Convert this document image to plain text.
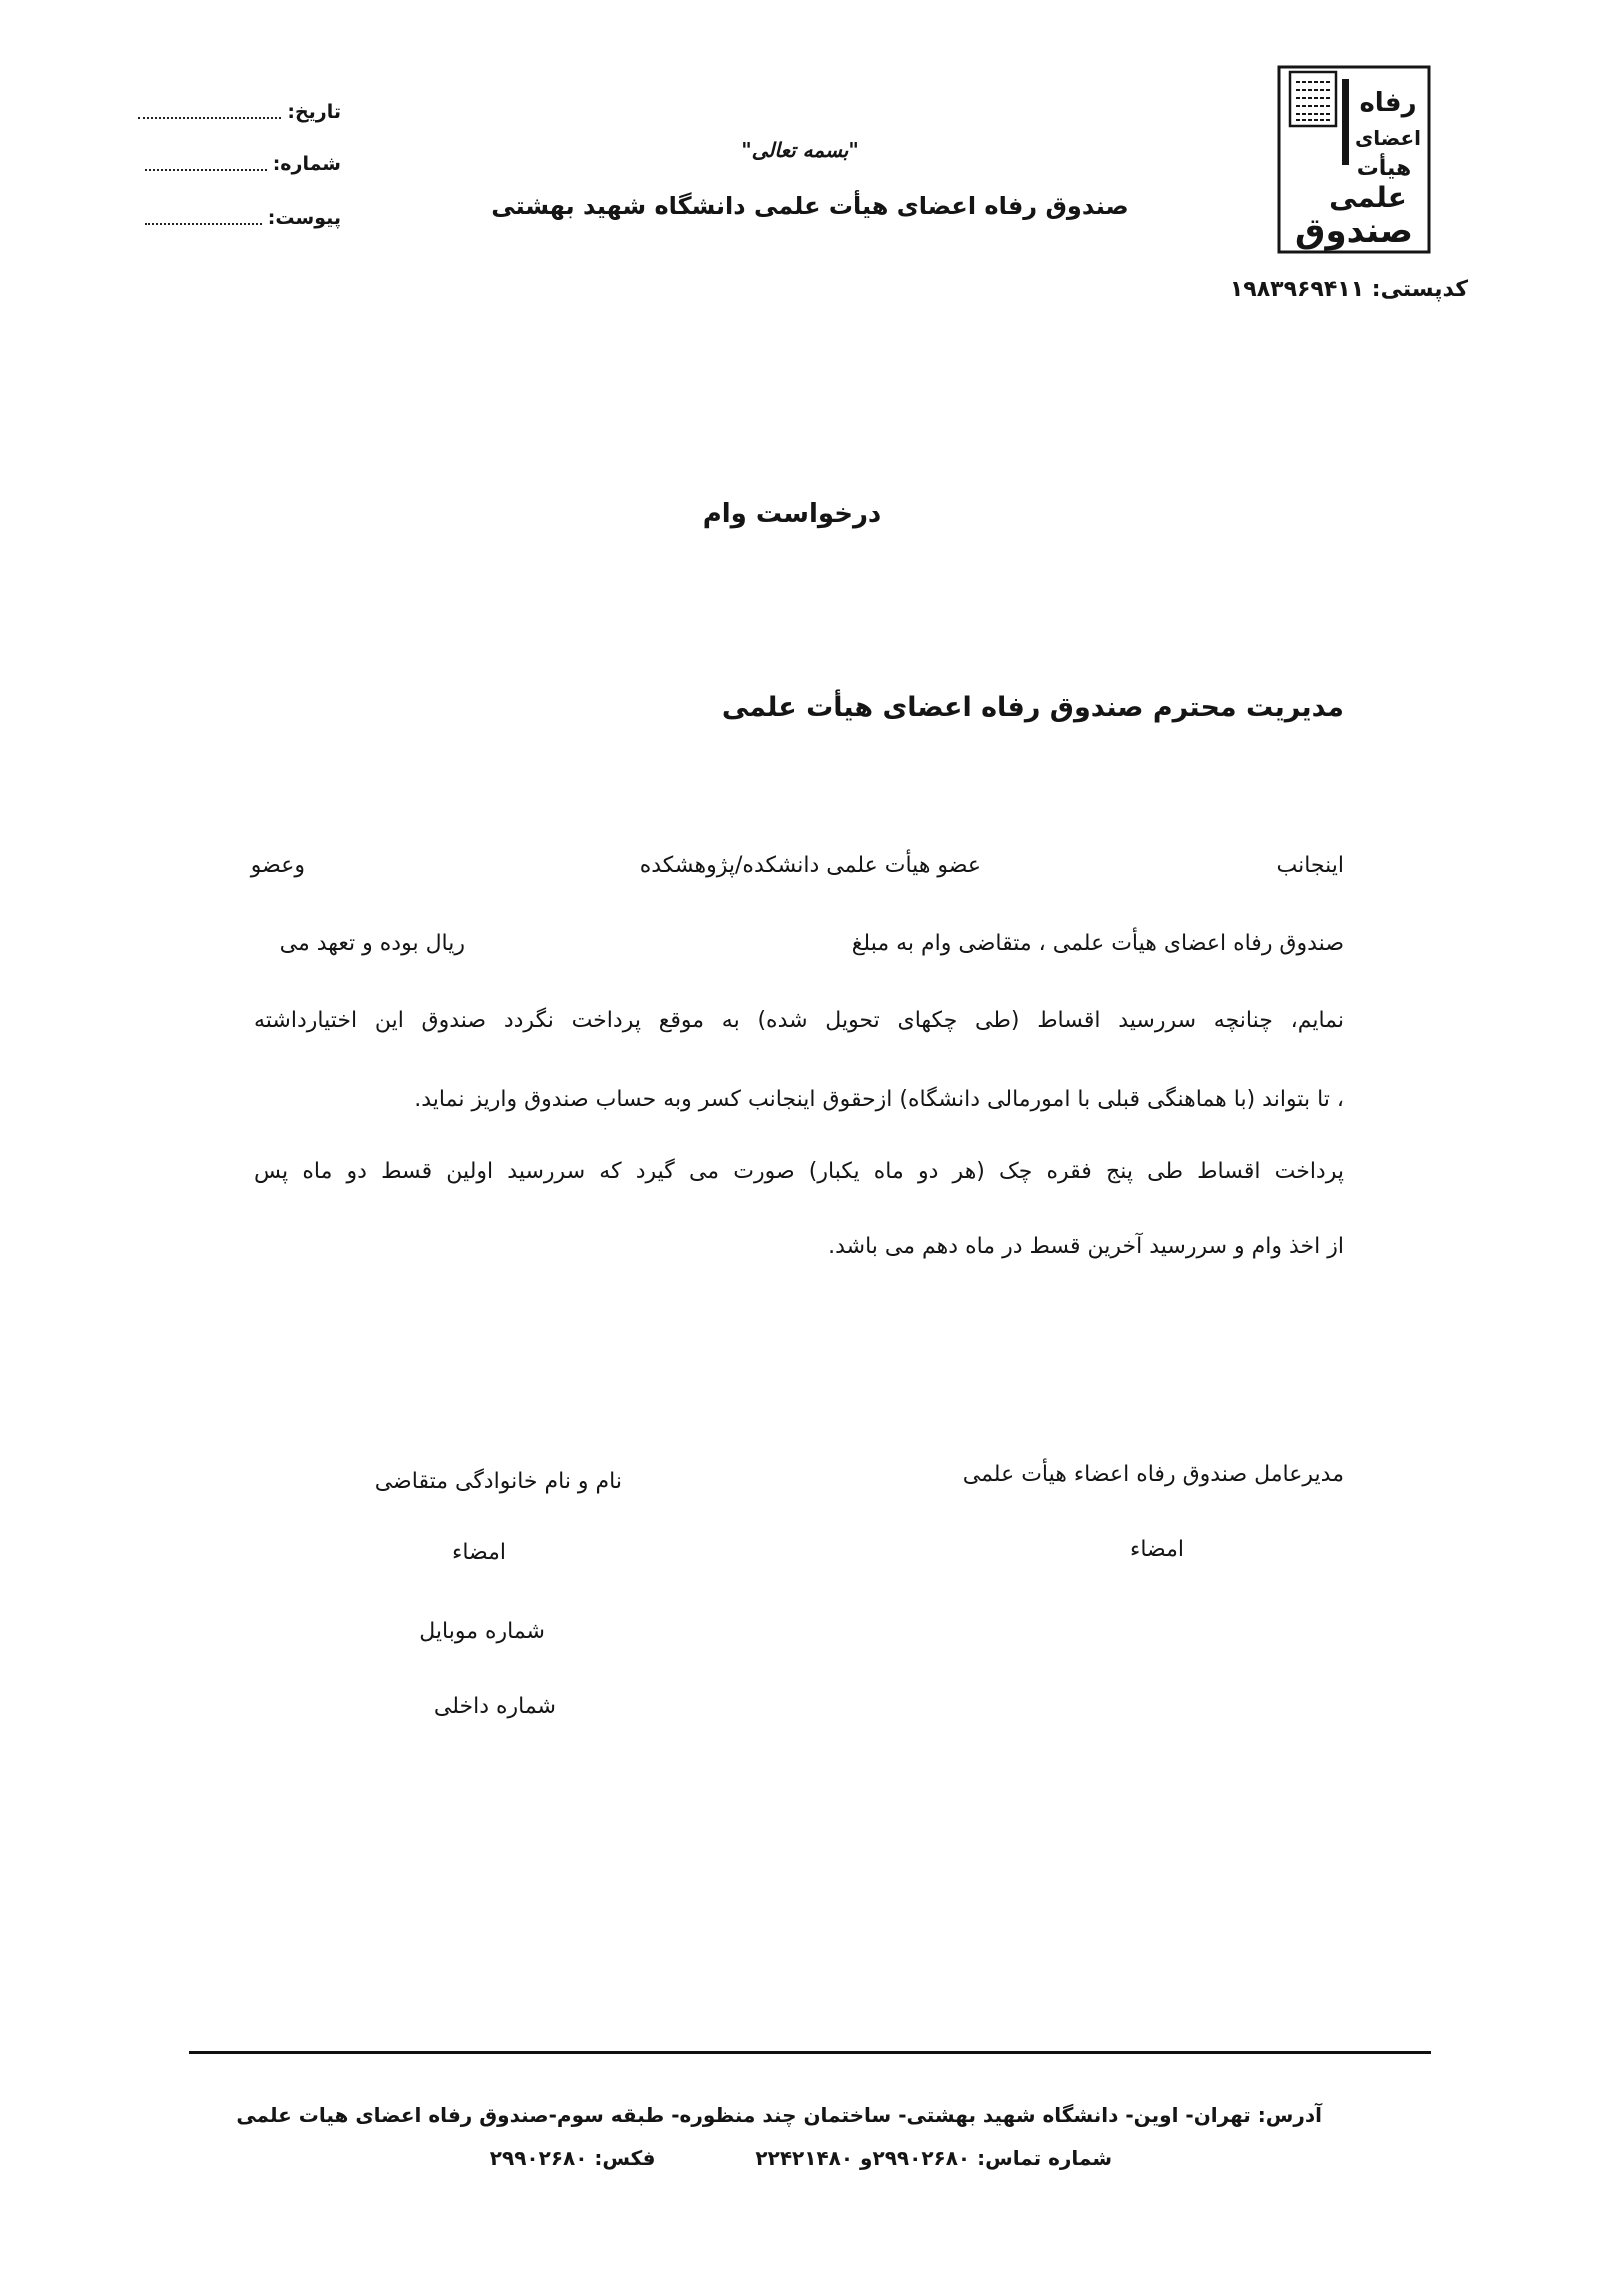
تاریخ:
شماره:
پیوست:
"بسمه تعالی"
صندوق رفاه اعضای هیأت علمی دانشگاه شهید بهشتی
رفاه
اعضای
هیأت
علمی
صندوق
کدپستی: ۱۹۸۳۹۶۹۴۱۱
درخواست وام
مدیریت محترم صندوق رفاه اعضای هیأت علمی
اینجانب
عضو هیأت علمی دانشکده/پژوهشکده
وعضو
صندوق رفاه اعضای هیأت علمی ، متقاضی وام به مبلغ
ریال بوده و تعهد می
نمایم، چنانچه سررسید اقساط (طی چکهای تحویل شده) به موقع پرداخت نگردد صندوق این اختیارداشته
، تا بتواند (با هماهنگی قبلی با امورمالی دانشگاه) ازحقوق اینجانب کسر وبه حساب صندوق واریز نماید.
پرداخت اقساط طی پنج فقره چک (هر دو ماه یکبار) صورت می گیرد که سررسید اولین قسط دو ماه پس
از اخذ وام و سررسید آخرین قسط در ماه دهم می باشد.
مدیرعامل صندوق رفاه اعضاء هیأت علمی
امضاء
نام و نام خانوادگی متقاضی
امضاء
شماره موبایل
شماره داخلی
آدرس: تهران- اوین- دانشگاه شهید بهشتی- ساختمان چند منظوره- طبقه سوم-صندوق رفاه اعضای هیات علمی
شماره تماس: ۲۹۹۰۲۶۸۰و ۲۲۴۲۱۴۸۰
فکس: ۲۹۹۰۲۶۸۰
